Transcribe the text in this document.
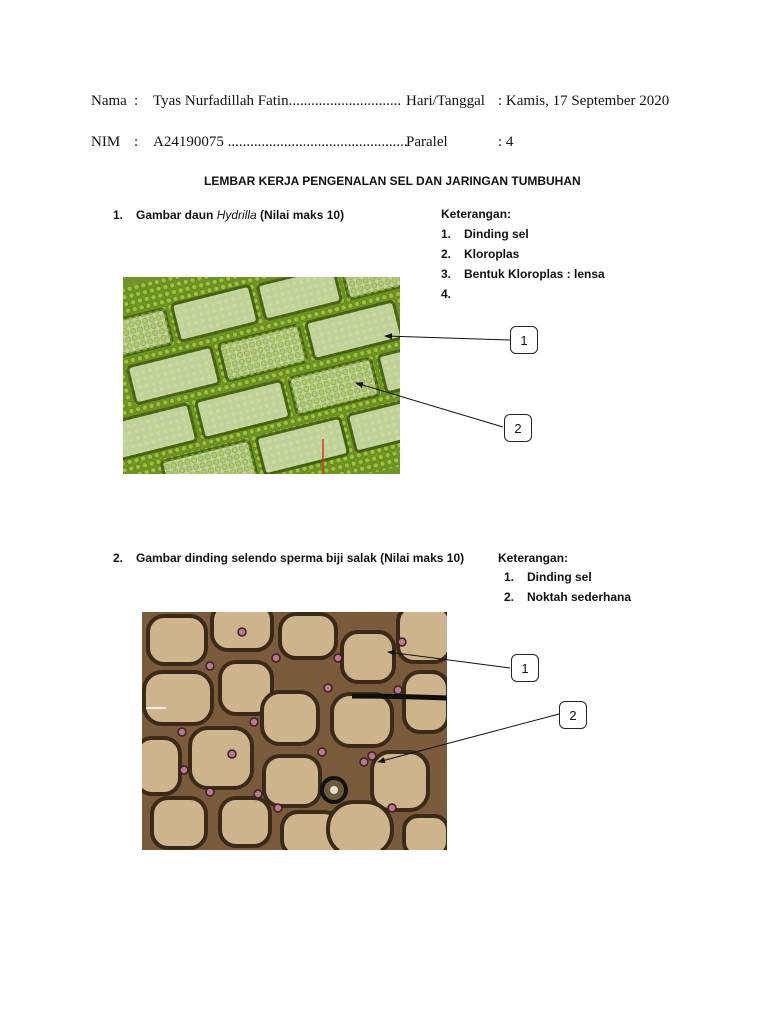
Nama : Tyas Nurfadillah Fatin.............................. Hari/Tanggal : Kamis, 17 September 2020
NIM : A24190075 ................................................
Paralel	: 4
LEMBAR KERJA PENGENALAN SEL DAN JARINGAN TUMBUHAN
1. Gambar daun Hydrilla (Nilai maks 10)	Keterangan:
1. Dinding sel
2. Kloroplas
3. Bentuk Kloroplas : lensa
4.
1
2
2. Gambar dinding selendo sperma biji salak (Nilai maks 10)	Keterangan:
1. Dinding sel
2. Noktah sederhana
1
2
